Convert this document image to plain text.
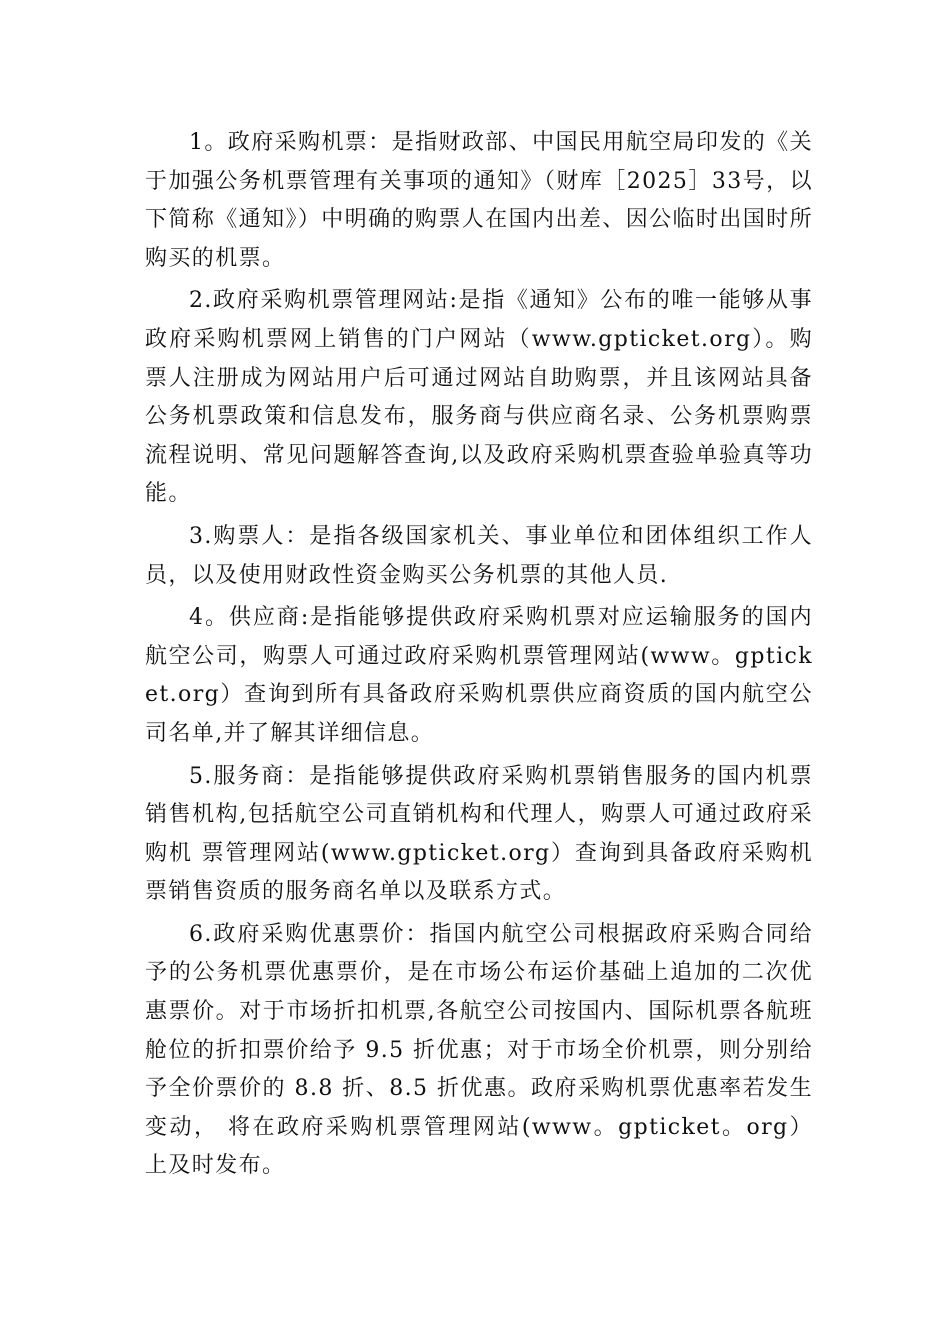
1。政府采购机票：是指财政部、中国民用航空局印发的《关于加强公务机票管理有关事项的通知》（财库［2025］33号，以下简称《通知》）中明确的购票人在国内出差、因公临时出国时所购买的机票。

2.政府采购机票管理网站:是指《通知》公布的唯一能够从事政府采购机票网上销售的门户网站（www.gpticket.org）。购票人注册成为网站用户后可通过网站自助购票，并且该网站具备公务机票政策和信息发布，服务商与供应商名录、公务机票购票流程说明、常见问题解答查询,以及政府采购机票查验单验真等功能。

3.购票人：是指各级国家机关、事业单位和团体组织工作人员，以及使用财政性资金购买公务机票的其他人员.

4。供应商:是指能够提供政府采购机票对应运输服务的国内航空公司，购票人可通过政府采购机票管理网站(www。gpticket.org）查询到所有具备政府采购机票供应商资质的国内航空公司名单,并了解其详细信息。

5.服务商：是指能够提供政府采购机票销售服务的国内机票销售机构,包括航空公司直销机构和代理人，购票人可通过政府采购机 票管理网站(www.gpticket.org）查询到具备政府采购机票销售资质的服务商名单以及联系方式。

6.政府采购优惠票价：指国内航空公司根据政府采购合同给予的公务机票优惠票价，是在市场公布运价基础上追加的二次优惠票价。对于市场折扣机票,各航空公司按国内、国际机票各航班舱位的折扣票价给予 9.5 折优惠；对于市场全价机票，则分别给予全价票价的 8.8 折、8.5 折优惠。政府采购机票优惠率若发生变动， 将在政府采购机票管理网站(www。gpticket。org）上及时发布。
